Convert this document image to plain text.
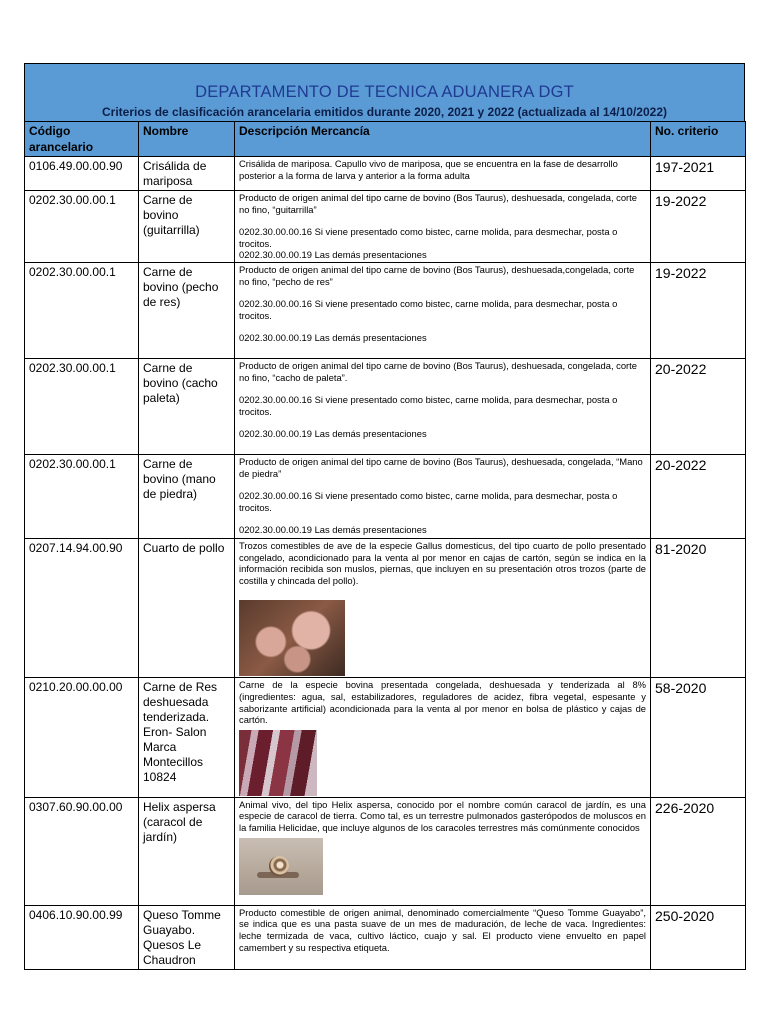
DEPARTAMENTO DE TECNICA ADUANERA DGT
Criterios de clasificación arancelaria emitidos durante 2020, 2021 y 2022 (actualizada al 14/10/2022)
Código arancelario	Nombre	Descripción Mercancía	No. criterio
0106.49.00.00.90	Crisálida de mariposa	Crisálida de mariposa. Capullo vivo de mariposa, que se encuentra en la fase de desarrollo posterior a la forma de larva y anterior a la forma adulta	197-2021
0202.30.00.00.1	Carne de bovino (guitarrilla)	Producto de origen animal del tipo carne de bovino (Bos Taurus), deshuesada, congelada, corte no fino, “guitarrilla”

0202.30.00.00.16 Si viene presentado como bistec, carne molida, para desmechar, posta o trocitos.

0202.30.00.00.19 Las demás presentaciones	19-2022
0202.30.00.00.1	Carne de bovino (pecho de res)	Producto de origen animal del tipo carne de bovino (Bos Taurus), deshuesada,congelada, corte no fino, “pecho de res”

0202.30.00.00.16 Si viene presentado como bistec, carne molida, para desmechar, posta o trocitos.

0202.30.00.00.19 Las demás presentaciones	19-2022
0202.30.00.00.1	Carne de bovino (cacho paleta)	Producto de origen animal del tipo carne de bovino (Bos Taurus), deshuesada, congelada, corte no fino, “cacho de paleta”.

0202.30.00.00.16 Si viene presentado como bistec, carne molida, para desmechar, posta o trocitos.

0202.30.00.00.19 Las demás presentaciones	20-2022
0202.30.00.00.1	Carne de bovino (mano de piedra)	Producto de origen animal del tipo carne de bovino (Bos Taurus), deshuesada, congelada, “Mano de piedra”

0202.30.00.00.16 Si viene presentado como bistec, carne molida, para desmechar, posta o trocitos.

0202.30.00.00.19 Las demás presentaciones	20-2022
0207.14.94.00.90	Cuarto de pollo	Trozos comestibles de ave de la especie Gallus domesticus, del tipo cuarto de pollo presentado congelado, acondicionado para la venta al por menor en cajas de cartón, según se indica en la información recibida son muslos, piernas, que incluyen en su presentación otros trozos (parte de costilla y chincada del pollo).	81-2020
0210.20.00.00.00	Carne de Res deshuesada tenderizada. Eron- Salon Marca Montecillos 10824	Carne de la especie bovina presentada congelada, deshuesada y tenderizada al 8% (ingredientes: agua, sal, estabilizadores, reguladores de acidez, fibra vegetal, espesante y saborizante artificial) acondicionada para la venta al por menor en bolsa de plástico y cajas de cartón.	58-2020
0307.60.90.00.00	Helix aspersa (caracol de jardín)	Animal vivo, del tipo Helix aspersa, conocido por el nombre común caracol de jardín, es una especie de caracol de tierra. Como tal, es un terrestre pulmonados gasterópodos de moluscos en la familia Helicidae, que incluye algunos de los caracoles terrestres más comúnmente conocidos	226-2020
0406.10.90.00.99	Queso Tomme Guayabo. Quesos Le Chaudron	Producto comestible de origen animal, denominado comercialmente “Queso Tomme Guayabo”, se indica que es una pasta suave de un mes de maduración, de leche de vaca. Ingredientes: leche termizada de vaca, cultivo láctico, cuajo y sal. El producto viene envuelto en papel camembert y su respectiva etiqueta.	250-2020
